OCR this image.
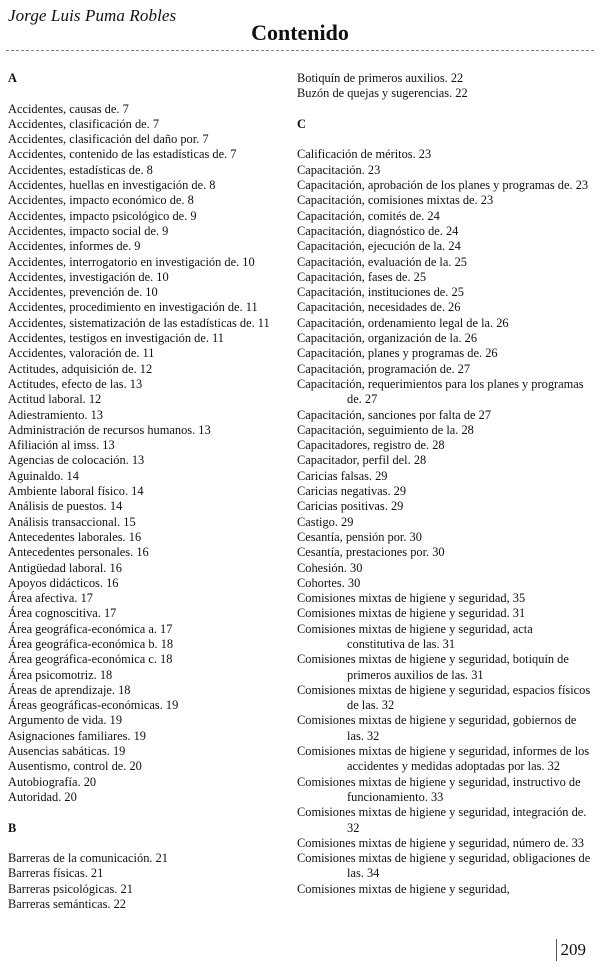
Jorge Luis Puma Robles
Contenido
A
Accidentes, causas de. 7
Accidentes, clasificación de. 7
Accidentes, clasificación del daño por. 7
Accidentes, contenido de las estadísticas de. 7
Accidentes, estadísticas de. 8
Accidentes, huellas en investigación de. 8
Accidentes, impacto económico de. 8
Accidentes, impacto psicológico de. 9
Accidentes, impacto social de. 9
Accidentes, informes de. 9
Accidentes, interrogatorio en investigación de. 10
Accidentes, investigación de. 10
Accidentes, prevención de. 10
Accidentes, procedimiento en investigación de. 11
Accidentes, sistematización de las estadísticas de. 11
Accidentes, testigos en investigación de. 11
Accidentes, valoración de. 11
Actitudes, adquisición de. 12
Actitudes, efecto de las. 13
Actitud laboral. 12
Adiestramiento. 13
Administración de recursos humanos. 13
Afiliación al imss. 13
Agencias de colocación. 13
Aguinaldo. 14
Ambiente laboral físico. 14
Análisis de puestos. 14
Análisis transaccional. 15
Antecedentes laborales. 16
Antecedentes personales. 16
Antigüedad laboral. 16
Apoyos didácticos. 16
Área afectiva. 17
Área cognoscitiva. 17
Área geográfica-económica a. 17
Área geográfica-económica b. 18
Área geográfica-económica c. 18
Área psicomotriz. 18
Áreas de aprendizaje. 18
Áreas geográficas-económicas. 19
Argumento de vida. 19
Asignaciones familiares. 19
Ausencias sabáticas. 19
Ausentismo, control de. 20
Autobiografía. 20
Autoridad. 20
B
Barreras de la comunicación. 21
Barreras físicas. 21
Barreras psicológicas. 21
Barreras semánticas. 22
Botiquín de primeros auxilios. 22
Buzón de quejas y sugerencias. 22
C
Calificación de méritos. 23
Capacitación. 23
Capacitación, aprobación de los planes y programas de. 23
Capacitación, comisiones mixtas de. 23
Capacitación, comités de. 24
Capacitación, diagnóstico de. 24
Capacitación, ejecución de la. 24
Capacitación, evaluación de la. 25
Capacitación, fases de. 25
Capacitación, instituciones de. 25
Capacitación, necesidades de. 26
Capacitación, ordenamiento legal de la. 26
Capacitación, organización de la. 26
Capacitación, planes y programas de. 26
Capacitación, programación de. 27
Capacitación, requerimientos para los planes y programas de. 27
Capacitación, sanciones por falta de 27
Capacitación, seguimiento de la. 28
Capacitadores, registro de. 28
Capacitador, perfil del. 28
Caricias falsas. 29
Caricias negativas. 29
Caricias positivas. 29
Castigo. 29
Cesantía, pensión por. 30
Cesantía, prestaciones por. 30
Cohesión. 30
Cohortes. 30
Comisiones mixtas de higiene y seguridad, 35
Comisiones mixtas de higiene y seguridad. 31
Comisiones mixtas de higiene y seguridad, acta constitutiva de las. 31
Comisiones mixtas de higiene y seguridad, botiquín de primeros auxilios de las. 31
Comisiones mixtas de higiene y seguridad, espacios físicos de las. 32
Comisiones mixtas de higiene y seguridad, gobiernos de las. 32
Comisiones mixtas de higiene y seguridad, informes de los accidentes y medidas adoptadas por las. 32
Comisiones mixtas de higiene y seguridad, instructivo de funcionamiento. 33
Comisiones mixtas de higiene y seguridad, integración de. 32
Comisiones mixtas de higiene y seguridad, número de. 33
Comisiones mixtas de higiene y seguridad, obligaciones de las. 34
Comisiones mixtas de higiene y seguridad,
209
